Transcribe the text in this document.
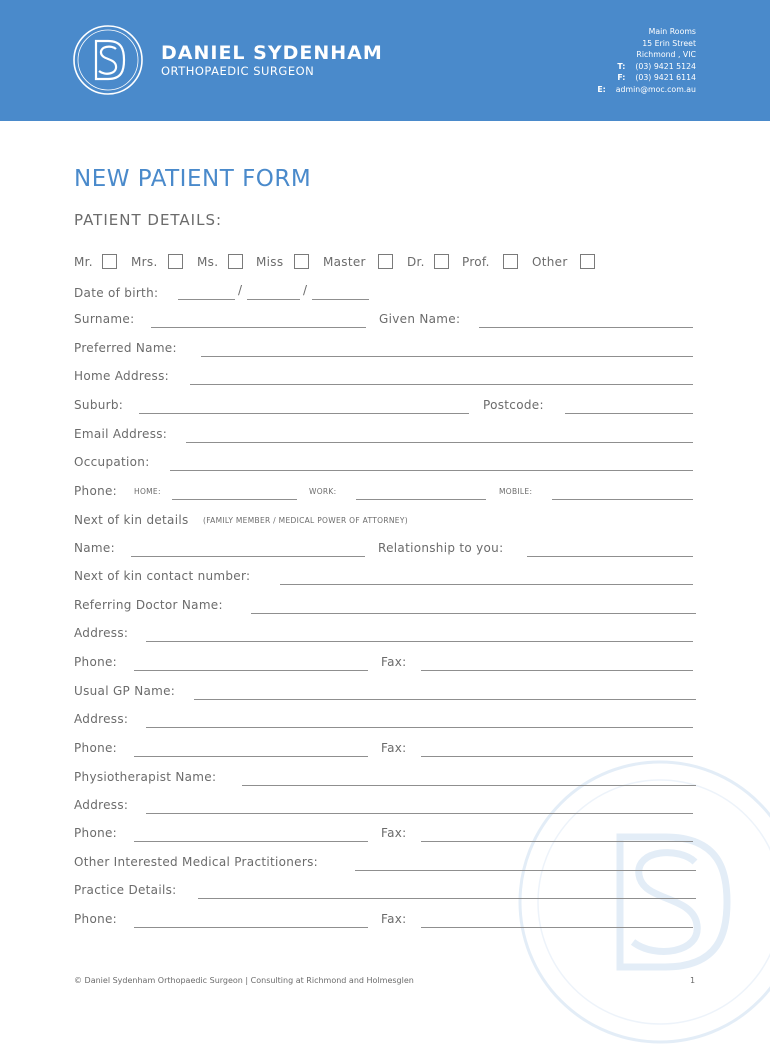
DANIEL SYDENHAM
ORTHOPAEDIC SURGEON
Main Rooms
15 Erin Street
Richmond , VIC
T: (03) 9421 5124
F: (03) 9421 6114
E: admin@moc.com.au
NEW PATIENT FORM
PATIENT DETAILS:
Mr.	Mrs.	Ms.	Miss	Master	Dr.	Prof.	Other
Date of birth:	/	/
Surname:	Given Name:
Preferred Name:
Home Address:
Suburb:	Postcode:
Email Address:
Occupation:
Phone: HOME:	WORK:	MOBILE:
Next of kin details (FAMILY MEMBER / MEDICAL POWER OF ATTORNEY)
Name:	Relationship to you:
Next of kin contact number:
Referring Doctor Name:
Address:
Phone:	Fax:
Usual GP Name:
Address:
Phone:	Fax:
Physiotherapist Name:
Address:
Phone:	Fax:
Other Interested Medical Practitioners:
Practice Details:
Phone:	Fax:
© Daniel Sydenham Orthopaedic Surgeon | Consulting at Richmond and Holmesglen	1
